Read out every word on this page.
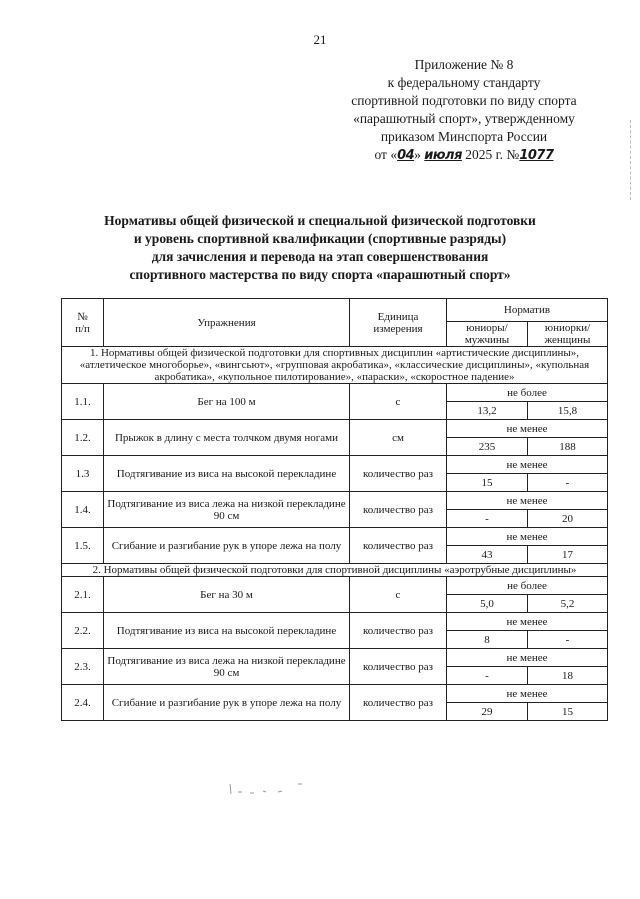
21
Приложение № 8
к федеральному стандарту
спортивной подготовки по виду спорта
«парашютный спорт», утвержденному
приказом Минспорта России
от «04» июля 2025 г. №1077
Нормативы общей физической и специальной физической подготовки
и уровень спортивной квалификации (спортивные разряды)
для зачисления и перевода на этап совершенствования
спортивного мастерства по виду спорта «парашютный спорт»
№
п/п	Упражнения	Единица измерения	Норматив	
			юниоры/ мужчины	юниорки/ женщины
1. Нормативы общей физической подготовки для спортивных дисциплин «артистические дисциплины», «атлетическое многоборье», «вингсьют», «групповая акробатика», «классические дисциплины», «купольная акробатика», «купольное пилотирование», «параски», «скоростное падение»				
1.1.	Бег на 100 м	с	не более	
			13,2	15,8
1.2.	Прыжок в длину с места толчком двумя ногами	см	не менее	
			235	188
1.3	Подтягивание из виса на высокой перекладине	количество раз	не менее	
			15	-
1.4.	Подтягивание из виса лежа на низкой перекладине 90 см	количество раз	не менее	
			-	20
1.5.	Сгибание и разгибание рук в упоре лежа на полу	количество раз	не менее	
			43	17
2. Нормативы общей физической подготовки для спортивной дисциплины «аэротрубные дисциплины»				
2.1.	Бег на 30 м	с	не более	
			5,0	5,2
2.2.	Подтягивание из виса на высокой перекладине	количество раз	не менее	
			8	-
2.3.	Подтягивание из виса лежа на низкой перекладине 90 см	количество раз	не менее	
			-	18
2.4.	Сгибание и разгибание рук в упоре лежа на полу	количество раз	не менее	
			29	15
